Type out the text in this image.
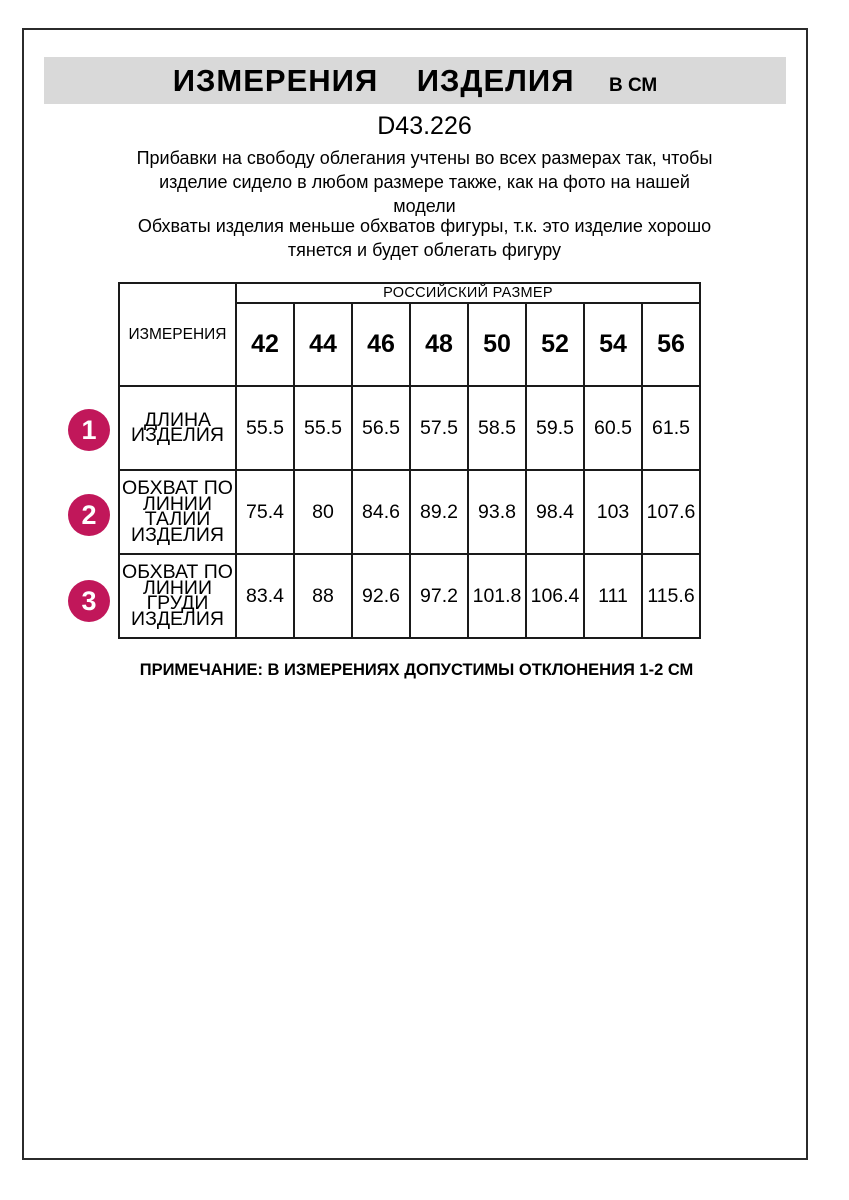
ИЗМЕРЕНИЯ ИЗДЕЛИЯ В СМ
D43.226
Прибавки на свободу облегания учтены во всех размерах так, чтобы
изделие сидело в любом размере также, как на фото на нашей
модели
Обхваты изделия меньше обхватов фигуры, т.к. это изделие хорошо
тянется и будет облегать фигуру
ИЗМЕРЕНИЯ	РОССИЙСКИЙ РАЗМЕР							
	42	44	46	48	50	52	54	56
ДЛИНА ИЗДЕЛИЯ	55.5	55.5	56.5	57.5	58.5	59.5	60.5	61.5
ОБХВАТ ПО ЛИНИИ ТАЛИИ ИЗДЕЛИЯ	75.4	80	84.6	89.2	93.8	98.4	103	107.6
ОБХВАТ ПО ЛИНИИ ГРУДИ ИЗДЕЛИЯ	83.4	88	92.6	97.2	101.8	106.4	111	115.6
1
2
3
ПРИМЕЧАНИЕ: В ИЗМЕРЕНИЯХ ДОПУСТИМЫ ОТКЛОНЕНИЯ 1-2 СМ
